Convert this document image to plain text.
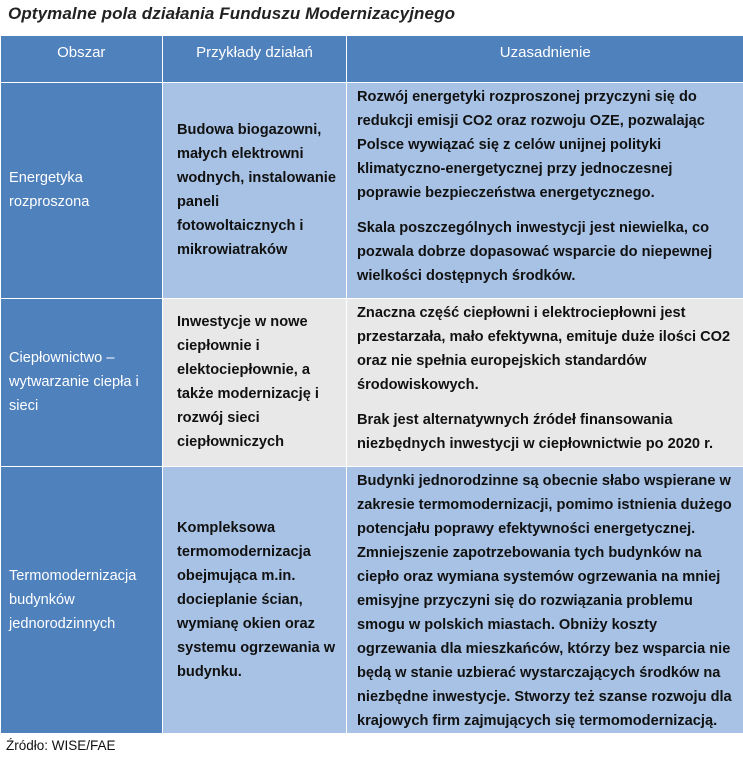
Optymalne pola działania Funduszu Modernizacyjnego
Obszar	Przykłady działań	Uzasadnienie
Energetyka rozproszona	Budowa biogazowni, małych elektrowni wodnych, instalowanie paneli fotowoltaicznych i mikrowiatraków	Rozwój energetyki rozproszonej przyczyni się do redukcji emisji CO2 oraz rozwoju OZE, pozwalając Polsce wywiązać się z celów unijnej polityki klimatyczno-energetycznej przy jednoczesnej poprawie bezpieczeństwa energetycznego.

Skala poszczególnych inwestycji jest niewielka, co pozwala dobrze dopasować wsparcie do niepewnej wielkości dostępnych środków.

Ciepłownictwo – wytwarzanie ciepła i sieci	Inwestycje w nowe ciepłownie i elektociepłownie, a także modernizację i rozwój sieci ciepłowniczych	Znaczna część ciepłowni i elektrociepłowni jest przestarzała, mało efektywna, emituje duże ilości CO2 oraz nie spełnia europejskich standardów środowiskowych.

Brak jest alternatywnych źródeł finansowania niezbędnych inwestycji w ciepłownictwie po 2020 r.

Termomodernizacja budynków jednorodzinnych	Kompleksowa termomodernizacja obejmująca m.in. docieplanie ścian, wymianę okien oraz systemu ogrzewania w budynku.	Budynki jednorodzinne są obecnie słabo wspierane w zakresie termomodernizacji, pomimo istnienia dużego potencjału poprawy efektywności energetycznej. Zmniejszenie zapotrzebowania tych budynków na ciepło oraz wymiana systemów ogrzewania na mniej emisyjne przyczyni się do rozwiązania problemu smogu w polskich miastach. Obniży koszty ogrzewania dla mieszkańców, którzy bez wsparcia nie będą w stanie uzbierać wystarczających środków na niezbędne inwestycje. Stworzy też szanse rozwoju dla krajowych firm zajmujących się termomodernizacją.

Źródło: WISE/FAE
